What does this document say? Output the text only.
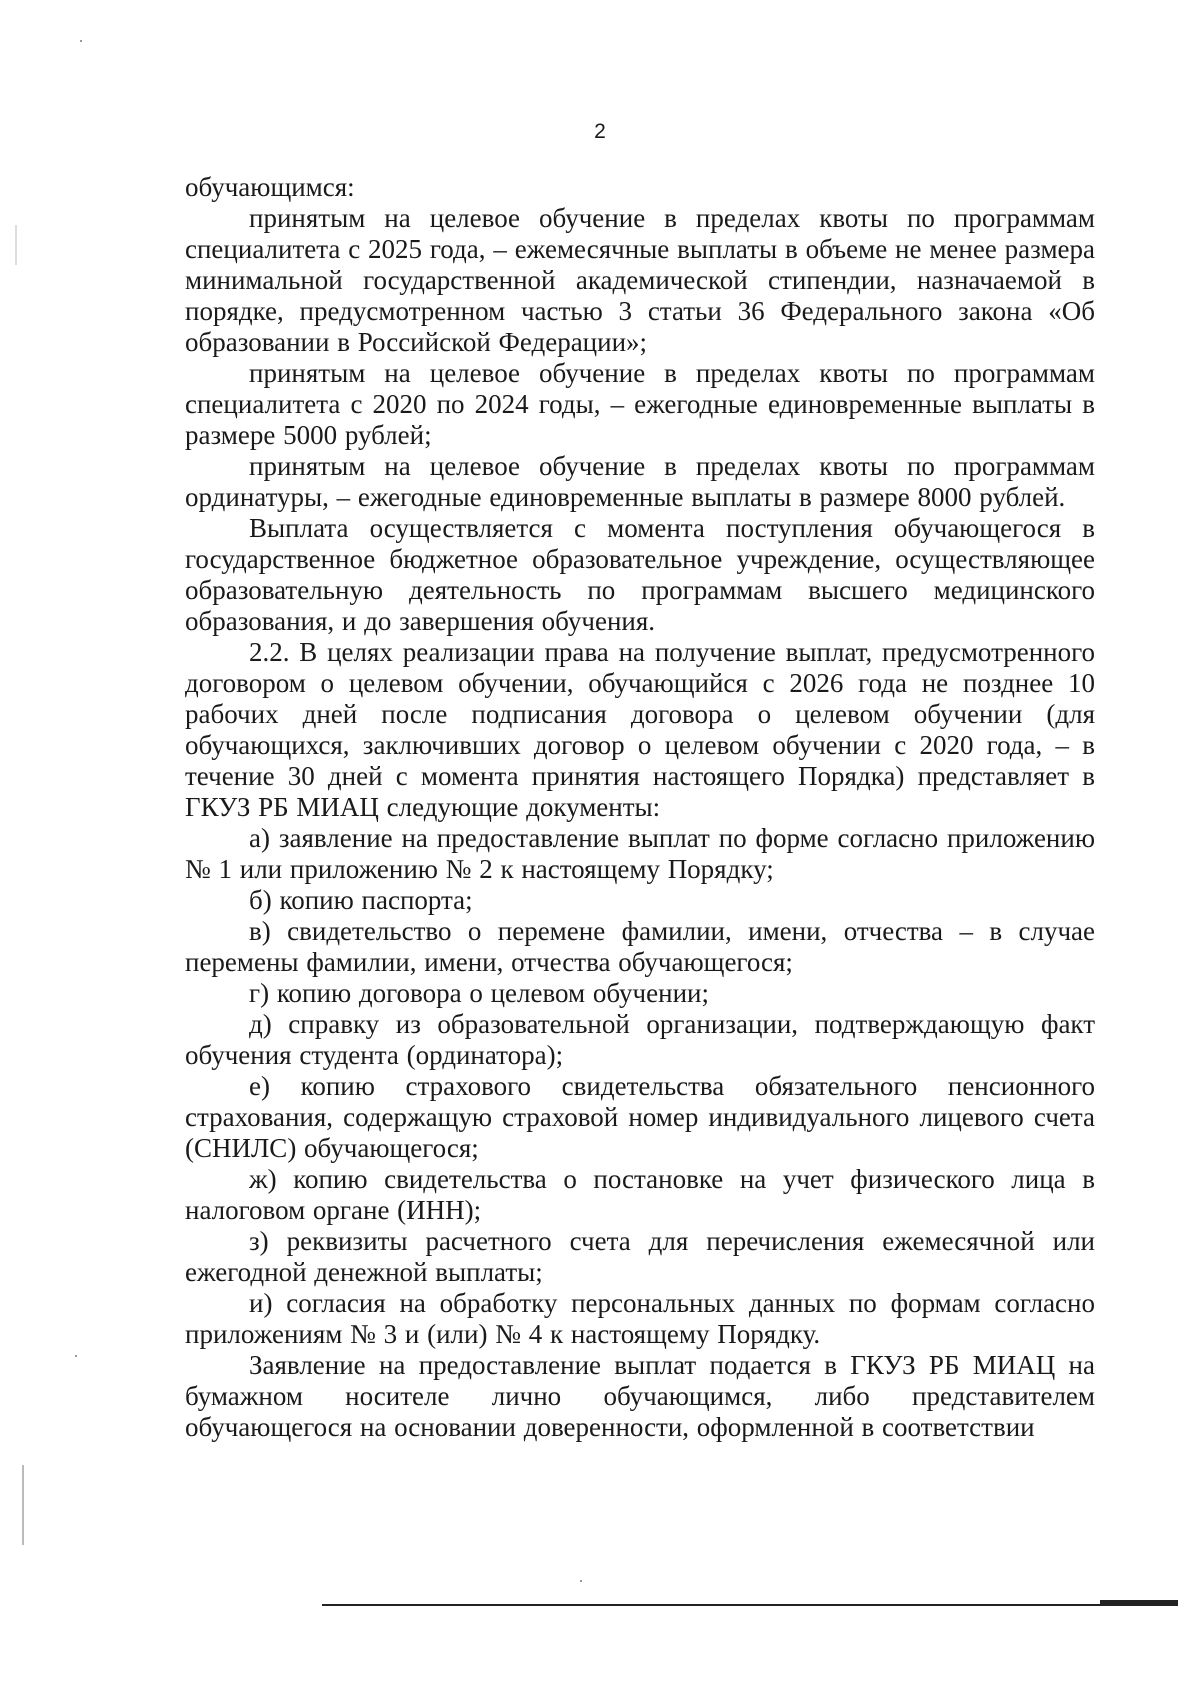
2

обучающимся:

принятым на целевое обучение в пределах квоты по программам специалитета с 2025 года, – ежемесячные выплаты в объеме не менее размера минимальной государственной академической стипендии, назначаемой в порядке, предусмотренном частью 3 статьи 36 Федерального закона «Об образовании в Российской Федерации»;

принятым на целевое обучение в пределах квоты по программам специалитета с 2020 по 2024 годы, – ежегодные единовременные выплаты в размере 5000 рублей;

принятым на целевое обучение в пределах квоты по программам ординатуры, – ежегодные единовременные выплаты в размере 8000 рублей.

Выплата осуществляется с момента поступления обучающегося в государственное бюджетное образовательное учреждение, осуществляющее образовательную деятельность по программам высшего медицинского образования, и до завершения обучения.

2.2. В целях реализации права на получение выплат, предусмотренного договором о целевом обучении, обучающийся с 2026 года не позднее 10 рабочих дней после подписания договора о целевом обучении (для обучающихся, заключивших договор о целевом обучении с 2020 года, – в течение 30 дней с момента принятия настоящего Порядка) представляет в ГКУЗ РБ МИАЦ следующие документы:

а) заявление на предоставление выплат по форме согласно приложению № 1 или приложению № 2 к настоящему Порядку;

б) копию паспорта;

в) свидетельство о перемене фамилии, имени, отчества – в случае перемены фамилии, имени, отчества обучающегося;

г) копию договора о целевом обучении;

д) справку из образовательной организации, подтверждающую факт обучения студента (ординатора);

е) копию страхового свидетельства обязательного пенсионного страхования, содержащую страховой номер индивидуального лицевого счета (СНИЛС) обучающегося;

ж) копию свидетельства о постановке на учет физического лица в налоговом органе (ИНН);

з) реквизиты расчетного счета для перечисления ежемесячной или ежегодной денежной выплаты;

и) согласия на обработку персональных данных по формам согласно приложениям № 3 и (или) № 4 к настоящему Порядку.

Заявление на предоставление выплат подается в ГКУЗ РБ МИАЦ на бумажном носителе лично обучающимся, либо представителем обучающегося на основании доверенности, оформленной в соответствии
